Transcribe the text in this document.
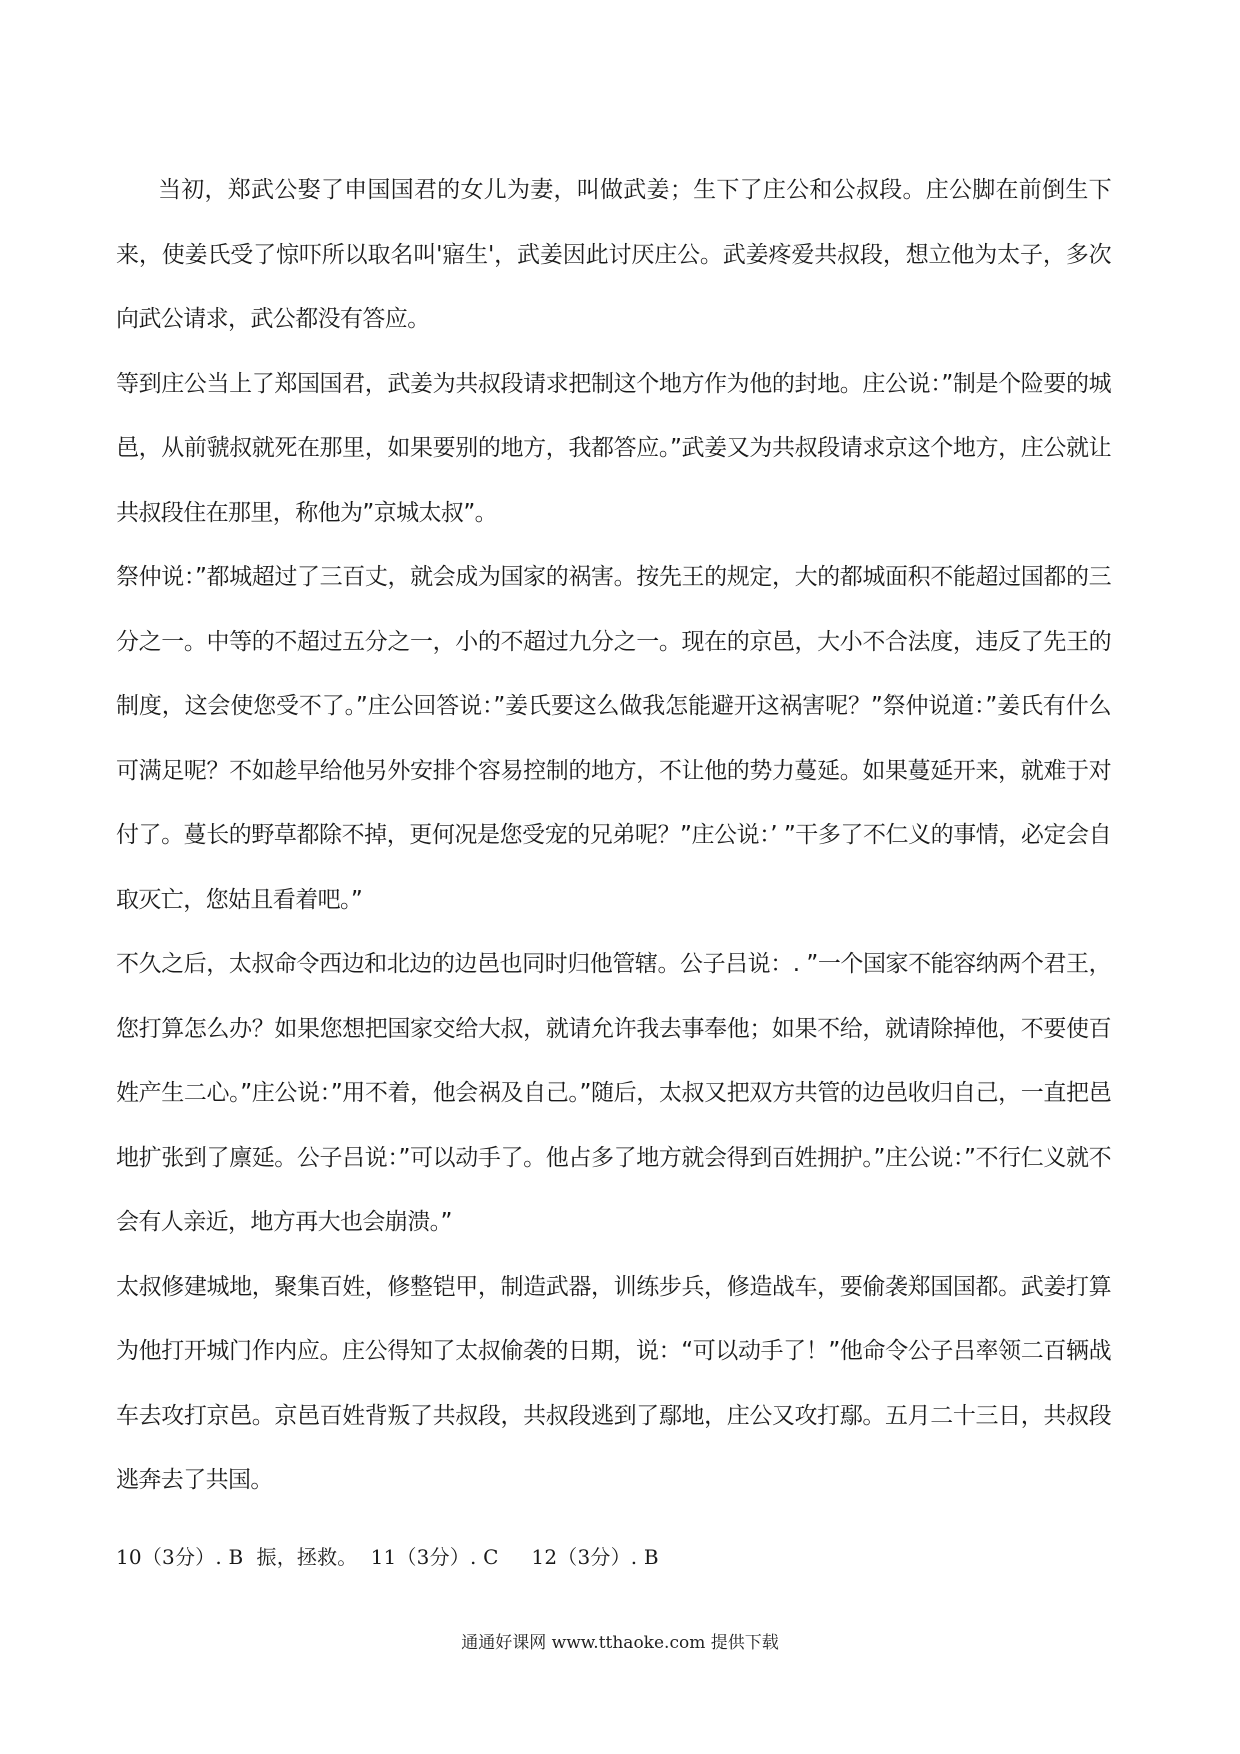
当初，郑武公娶了申国国君的女儿为妻，叫做武姜；生下了庄公和公叔段。庄公脚在前倒生下来，使姜氏受了惊吓所以取名叫'寤生'，武姜因此讨厌庄公。武姜疼爱共叔段，想立他为太子，多次向武公请求，武公都没有答应。

等到庄公当上了郑国国君，武姜为共叔段请求把制这个地方作为他的封地。庄公说：”制是个险要的城邑，从前虢叔就死在那里，如果要别的地方，我都答应。”武姜又为共叔段请求京这个地方，庄公就让共叔段住在那里，称他为”京城太叔”。

祭仲说：”都城超过了三百丈，就会成为国家的祸害。按先王的规定，大的都城面积不能超过国都的三分之一。中等的不超过五分之一，小的不超过九分之一。现在的京邑，大小不合法度，违反了先王的制度，这会使您受不了。”庄公回答说：”姜氏要这么做我怎能避开这祸害呢？”祭仲说道：”姜氏有什么可满足呢？不如趁早给他另外安排个容易控制的地方，不让他的势力蔓延。如果蔓延开来，就难于对付了。蔓长的野草都除不掉，更何况是您受宠的兄弟呢？”庄公说：’ ”干多了不仁义的事情，必定会自取灭亡，您姑且看着吧。”

不久之后，太叔命令西边和北边的边邑也同时归他管辖。公子吕说：. ”一个国家不能容纳两个君王，您打算怎么办？如果您想把国家交给大叔，就请允许我去事奉他；如果不给，就请除掉他，不要使百姓产生二心。”庄公说：”用不着，他会祸及自己。”随后，太叔又把双方共管的边邑收归自己，一直把邑地扩张到了廪延。公子吕说：”可以动手了。他占多了地方就会得到百姓拥护。”庄公说：”不行仁义就不会有人亲近，地方再大也会崩溃。”

太叔修建城地，聚集百姓，修整铠甲，制造武器，训练步兵，修造战车，要偷袭郑国国都。武姜打算为他打开城门作内应。庄公得知了太叔偷袭的日期，说：“可以动手了！”他命令公子吕率领二百辆战车去攻打京邑。京邑百姓背叛了共叔段，共叔段逃到了鄢地，庄公又攻打鄢。五月二十三日，共叔段逃奔去了共国。

10（3分）. B  振，拯救。  11（3分）. C     12（3分）. B
通通好课网 www.tthaoke.com 提供下载
